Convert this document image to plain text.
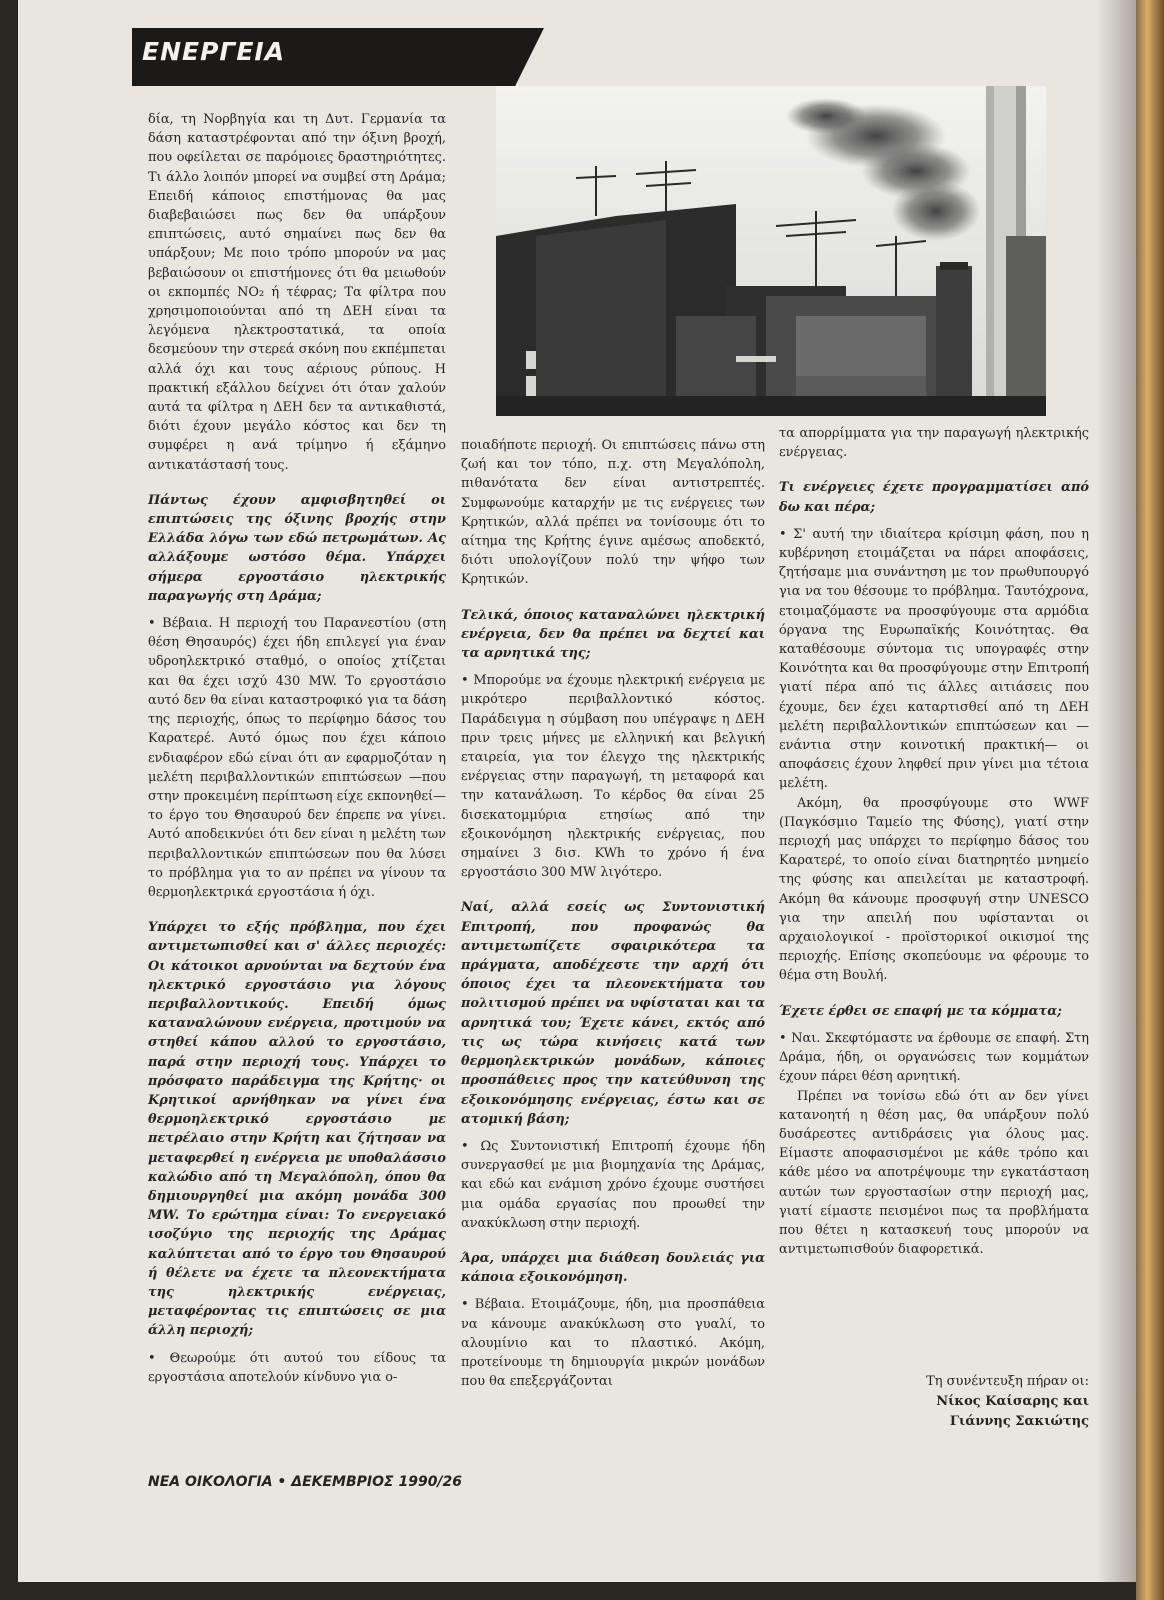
ΕΝΕΡΓΕΙΑ

δία, τη Νορβηγία και τη Δυτ. Γερμανία τα δάση καταστρέφονται από την όξινη βροχή, που οφείλεται σε παρόμοιες δραστηριότητες. Τι άλλο λοιπόν μπορεί να συμβεί στη Δράμα; Επειδή κάποιος επιστήμονας θα μας διαβεβαιώσει πως δεν θα υπάρξουν επιπτώσεις, αυτό σημαίνει πως δεν θα υπάρξουν; Με ποιο τρόπο μπορούν να μας βεβαιώσουν οι επιστήμονες ότι θα μειωθούν οι εκπομπές NO₂ ή τέφρας; Τα φίλτρα που χρησιμοποιούνται από τη ΔΕΗ είναι τα λεγόμενα ηλεκτροστατικά, τα οποία δεσμεύουν την στερεά σκόνη που εκπέμπεται αλλά όχι και τους αέριους ρύπους. Η πρακτική εξάλλου δείχνει ότι όταν χαλούν αυτά τα φίλτρα η ΔΕΗ δεν τα αντικαθιστά, διότι έχουν μεγάλο κόστος και δεν τη συμφέρει η ανά τρίμηνο ή εξάμηνο αντικατάστασή τους.

Πάντως έχουν αμφισβητηθεί οι επιπτώσεις της όξινης βροχής στην Ελλάδα λόγω των εδώ πετρωμάτων. Ας αλλάξουμε ωστόσο θέμα. Υπάρχει σήμερα εργοστάσιο ηλεκτρικής παραγωγής στη Δράμα;

• Βέβαια. Η περιοχή του Παρανεστίου (στη θέση Θησαυρός) έχει ήδη επιλεγεί για έναν υδροηλεκτρικό σταθμό, ο οποίος χτίζεται και θα έχει ισχύ 430 MW. Το εργοστάσιο αυτό δεν θα είναι καταστροφικό για τα δάση της περιοχής, όπως το περίφημο δάσος του Καρατερέ. Αυτό όμως που έχει κάποιο ενδιαφέρον εδώ είναι ότι αν εφαρμοζόταν η μελέτη περιβαλλοντικών επιπτώσεων —που στην προκειμένη περίπτωση είχε εκπονηθεί— το έργο του Θησαυρού δεν έπρεπε να γίνει. Αυτό αποδεικνύει ότι δεν είναι η μελέτη των περιβαλλοντικών επιπτώσεων που θα λύσει το πρόβλημα για το αν πρέπει να γίνουν τα θερμοηλεκτρικά εργοστάσια ή όχι.

Υπάρχει το εξής πρόβλημα, που έχει αντιμετωπισθεί και σ' άλλες περιοχές: Οι κάτοικοι αρνούνται να δεχτούν ένα ηλεκτρικό εργοστάσιο για λόγους περιβαλλοντικούς. Επειδή όμως καταναλώνουν ενέργεια, προτιμούν να στηθεί κάπου αλλού το εργοστάσιο, παρά στην περιοχή τους. Υπάρχει το πρόσφατο παράδειγμα της Κρήτης· οι Κρητικοί αρνήθηκαν να γίνει ένα θερμοηλεκτρικό εργοστάσιο με πετρέλαιο στην Κρήτη και ζήτησαν να μεταφερθεί η ενέργεια με υποθαλάσσιο καλώδιο από τη Μεγαλόπολη, όπου θα δημιουργηθεί μια ακόμη μονάδα 300 MW. Το ερώτημα είναι: Το ενεργειακό ισοζύγιο της περιοχής της Δράμας καλύπτεται από το έργο του Θησαυρού ή θέλετε να έχετε τα πλεονεκτήματα της ηλεκτρικής ενέργειας, μεταφέροντας τις επιπτώσεις σε μια άλλη περιοχή;

• Θεωρούμε ότι αυτού του είδους τα εργοστάσια αποτελούν κίνδυνο για ο-

ποιαδήποτε περιοχή. Οι επιπτώσεις πάνω στη ζωή και τον τόπο, π.χ. στη Μεγαλόπολη, πιθανότατα δεν είναι αντιστρεπτές. Συμφωνούμε καταρχήν με τις ενέργειες των Κρητικών, αλλά πρέπει να τονίσουμε ότι το αίτημα της Κρήτης έγινε αμέσως αποδεκτό, διότι υπολογίζουν πολύ την ψήφο των Κρητικών.

Τελικά, όποιος καταναλώνει ηλεκτρική ενέργεια, δεν θα πρέπει να δεχτεί και τα αρνητικά της;

• Μπορούμε να έχουμε ηλεκτρική ενέργεια με μικρότερο περιβαλλοντικό κόστος. Παράδειγμα η σύμβαση που υπέγραψε η ΔΕΗ πριν τρεις μήνες με ελληνική και βελγική εταιρεία, για τον έλεγχο της ηλεκτρικής ενέργειας στην παραγωγή, τη μεταφορά και την κατανάλωση. Το κέρδος θα είναι 25 δισεκατομμύρια ετησίως από την εξοικονόμηση ηλεκτρικής ενέργειας, που σημαίνει 3 δισ. KWh το χρόνο ή ένα εργοστάσιο 300 MW λιγότερο.

Ναί, αλλά εσείς ως Συντονιστική Επιτροπή, που προφανώς θα αντιμετωπίζετε σφαιρικότερα τα πράγματα, αποδέχεστε την αρχή ότι όποιος έχει τα πλεονεκτήματα του πολιτισμού πρέπει να υφίσταται και τα αρνητικά του; Έχετε κάνει, εκτός από τις ως τώρα κινήσεις κατά των θερμοηλεκτρικών μονάδων, κάποιες προσπάθειες προς την κατεύθυνση της εξοικονόμησης ενέργειας, έστω και σε ατομική βάση;

• Ως Συντονιστική Επιτροπή έχουμε ήδη συνεργασθεί με μια βιομηχανία της Δράμας, και εδώ και ενάμιση χρόνο έχουμε συστήσει μια ομάδα εργασίας που προωθεί την ανακύκλωση στην περιοχή.

Άρα, υπάρχει μια διάθεση δουλειάς για κάποια εξοικονόμηση.

• Βέβαια. Ετοιμάζουμε, ήδη, μια προσπάθεια να κάνουμε ανακύκλωση στο γυαλί, το αλουμίνιο και το πλαστικό. Ακόμη, προτείνουμε τη δημιουργία μικρών μονάδων που θα επεξεργάζονται

τα απορρίμματα για την παραγωγή ηλεκτρικής ενέργειας.

Τι ενέργειες έχετε προγραμματίσει από δω και πέρα;

• Σ' αυτή την ιδιαίτερα κρίσιμη φάση, που η κυβέρνηση ετοιμάζεται να πάρει αποφάσεις, ζητήσαμε μια συνάντηση με τον πρωθυπουργό για να του θέσουμε το πρόβλημα. Ταυτόχρονα, ετοιμαζόμαστε να προσφύγουμε στα αρμόδια όργανα της Ευρωπαϊκής Κοινότητας. Θα καταθέσουμε σύντομα τις υπογραφές στην Κοινότητα και θα προσφύγουμε στην Επιτροπή γιατί πέρα από τις άλλες αιτιάσεις που έχουμε, δεν έχει καταρτισθεί από τη ΔΕΗ μελέτη περιβαλλοντικών επιπτώσεων και —ενάντια στην κοινοτική πρακτική— οι αποφάσεις έχουν ληφθεί πριν γίνει μια τέτοια μελέτη.

Ακόμη, θα προσφύγουμε στο WWF (Παγκόσμιο Ταμείο της Φύσης), γιατί στην περιοχή μας υπάρχει το περίφημο δάσος του Καρατερέ, το οποίο είναι διατηρητέο μνημείο της φύσης και απειλείται με καταστροφή. Ακόμη θα κάνουμε προσφυγή στην UNESCO για την απειλή που υφίστανται οι αρχαιολογικοί - προϊστορικοί οικισμοί της περιοχής. Επίσης σκοπεύουμε να φέρουμε το θέμα στη Βουλή.

Έχετε έρθει σε επαφή με τα κόμματα;

• Ναι. Σκεφτόμαστε να έρθουμε σε επαφή. Στη Δράμα, ήδη, οι οργανώσεις των κομμάτων έχουν πάρει θέση αρνητική.

Πρέπει να τονίσω εδώ ότι αν δεν γίνει κατανοητή η θέση μας, θα υπάρξουν πολύ δυσάρεστες αντιδράσεις για όλους μας. Είμαστε αποφασισμένοι με κάθε τρόπο και κάθε μέσο να αποτρέψουμε την εγκατάσταση αυτών των εργοστασίων στην περιοχή μας, γιατί είμαστε πεισμένοι πως τα προβλήματα που θέτει η κατασκευή τους μπορούν να αντιμετωπισθούν διαφορετικά.

Τη συνέντευξη πήραν οι:
Νίκος Καίσαρης και
Γιάννης Σακιώτης

ΝΕΑ ΟΙΚΟΛΟΓΙΑ • ΔΕΚΕΜΒΡΙΟΣ 1990/26
